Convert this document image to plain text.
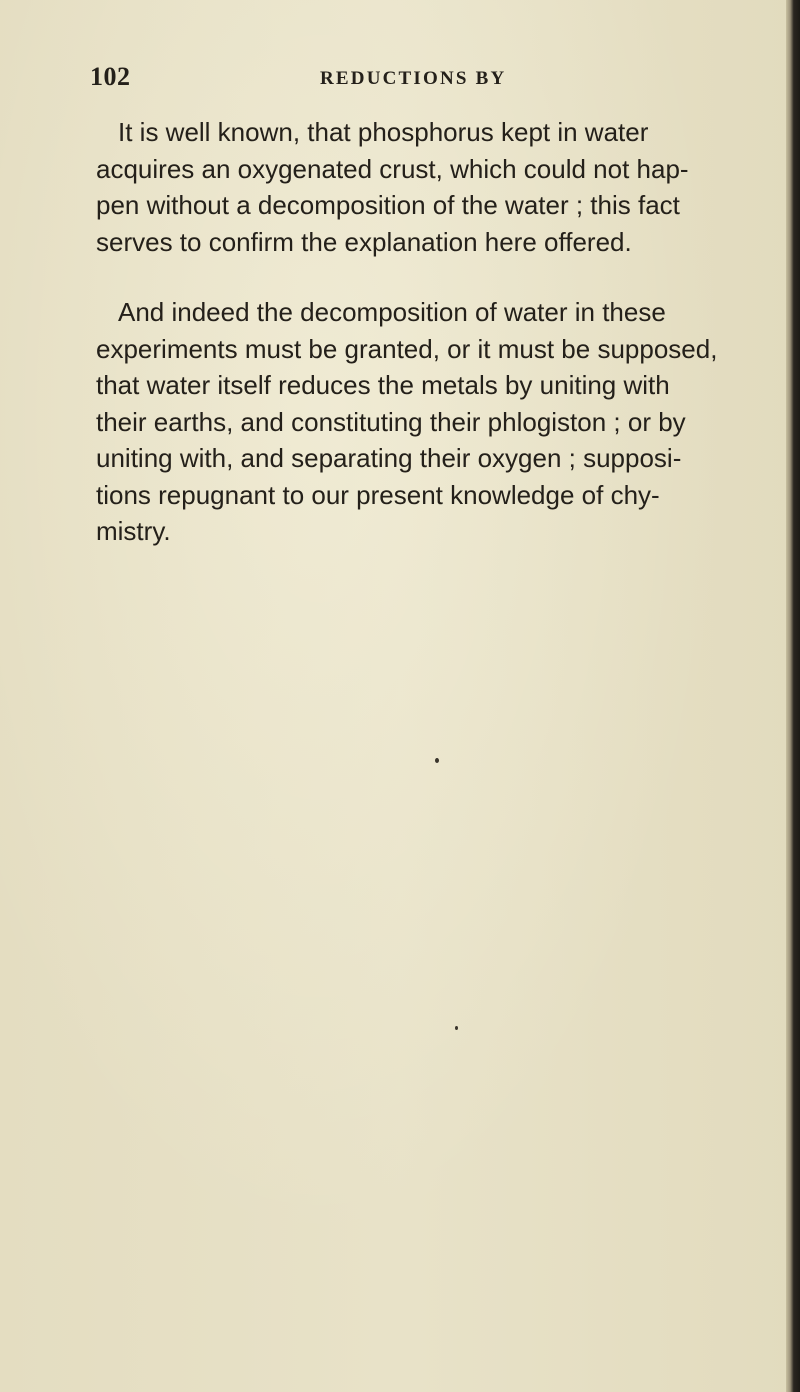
102	REDUCTIONS BY
It is well known, that phosphorus kept in water
acquires an oxygenated crust, which could not hap-
pen without a decomposition of the water ; this fact
serves to confirm the explanation here offered.
And indeed the decomposition of water in these
experiments must be granted, or it must be supposed,
that water itself reduces the metals by uniting with
their earths, and constituting their phlogiston ; or by
uniting with, and separating their oxygen ; supposi-
tions repugnant to our present knowledge of chy-
mistry.
